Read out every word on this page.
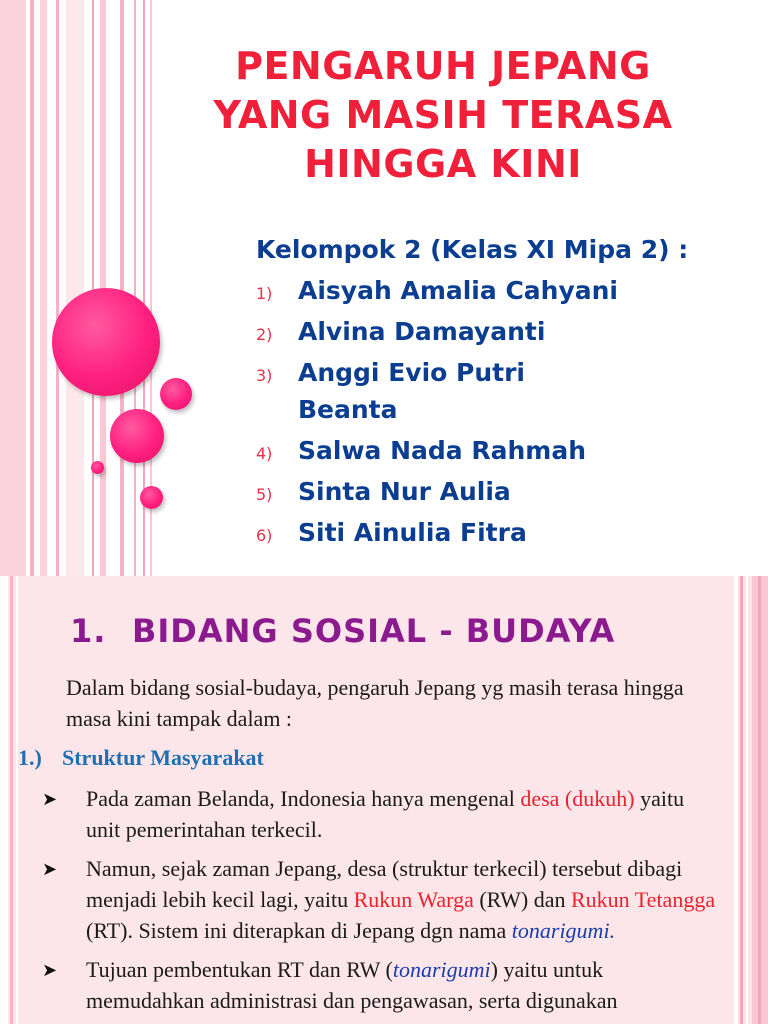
PENGARUH JEPANG
YANG MASIH TERASA
HINGGA KINI

Kelompok 2 (Kelas XI Mipa 2) :

1) Aisyah Amalia Cahyani
2) Alvina Damayanti
3) Anggi Evio Putri Beanta
4) Salwa Nada Rahmah
5) Sinta Nur Aulia
6) Siti Ainulia Fitra
1. BIDANG SOSIAL - BUDAYA

Dalam bidang sosial-budaya, pengaruh Jepang yg masih terasa hingga masa kini tampak dalam :

1.) Struktur Masyarakat
➤ Pada zaman Belanda, Indonesia hanya mengenal desa (dukuh) yaitu unit pemerintahan terkecil.
➤ Namun, sejak zaman Jepang, desa (struktur terkecil) tersebut dibagi menjadi lebih kecil lagi, yaitu Rukun Warga (RW) dan Rukun Tetangga (RT). Sistem ini diterapkan di Jepang dgn nama tonarigumi.
➤ Tujuan pembentukan RT dan RW (tonarigumi) yaitu untuk memudahkan administrasi dan pengawasan, serta digunakan
